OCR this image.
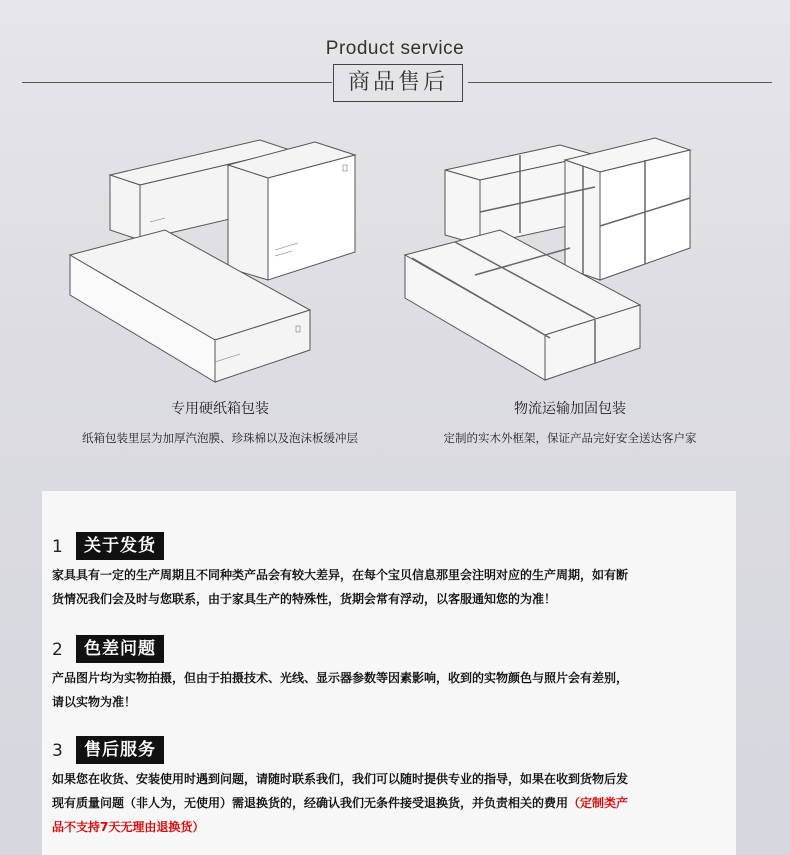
Product service
商品售后
专用硬纸箱包装
纸箱包装里层为加厚汽泡膜、珍珠棉以及泡沫板缓冲层
物流运输加固包装
定制的实木外框架，保证产品完好安全送达客户家
1	关于发货
家具具有一定的生产周期且不同种类产品会有较大差异，在每个宝贝信息那里会注明对应的生产周期，如有断
货情况我们会及时与您联系，由于家具生产的特殊性，货期会常有浮动，以客服通知您的为准！
2	色差问题
产品图片均为实物拍摄，但由于拍摄技术、光线、显示器参数等因素影响，收到的实物颜色与照片会有差别，
请以实物为准！
3	售后服务
如果您在收货、安装使用时遇到问题，请随时联系我们，我们可以随时提供专业的指导，如果在收到货物后发
现有质量问题（非人为，无使用）需退换货的，经确认我们无条件接受退换货，并负责相关的费用（定制类产
品不支持7天无理由退换货）
